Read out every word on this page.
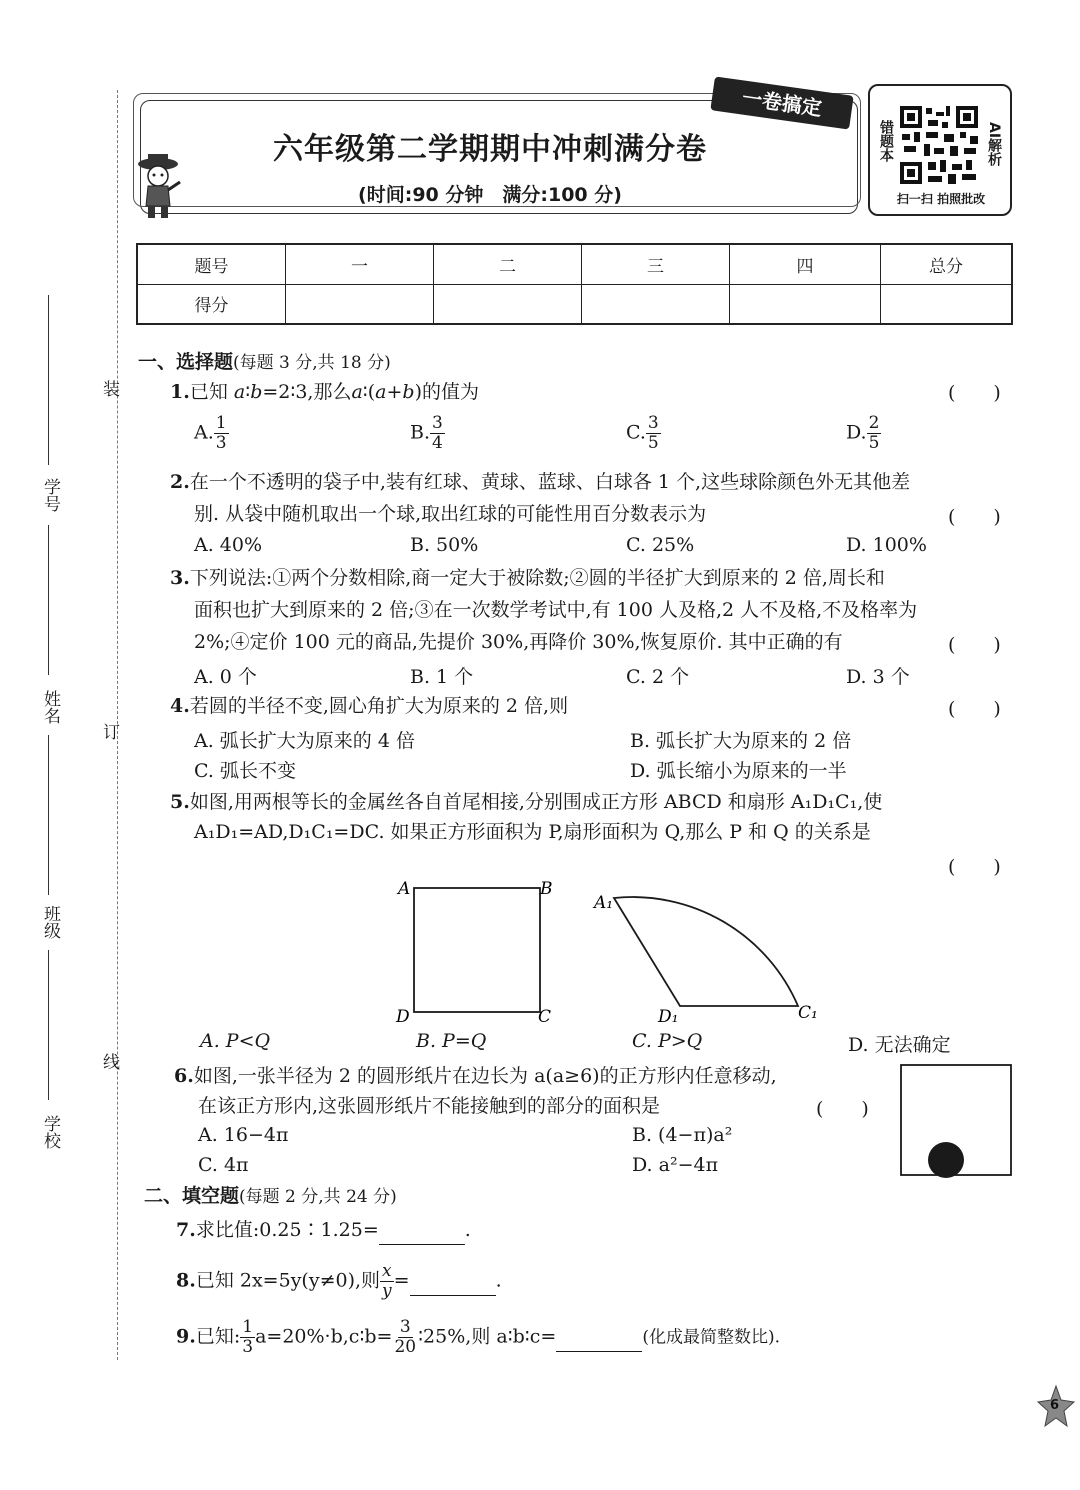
学号
姓名
班级
学校
装
订
线
六年级第二学期期中冲刺满分卷
(时间:90 分钟　满分:100 分)
一卷搞定
错题本	AI解析
扫一扫 拍照批改
题号	一	二	三	四	总分
得分					
一、选择题(每题 3 分,共 18 分)
1.已知 a∶b=2∶3,那么a∶(a+b)的值为	(　　)
A. $\frac{1}{3}$	B. $\frac{3}{4}$	C. $\frac{3}{5}$	D. $\frac{2}{5}$
2.在一个不透明的袋子中,装有红球、黄球、蓝球、白球各 1 个,这些球除颜色外无其他差
别. 从袋中随机取出一个球,取出红球的可能性用百分数表示为	(　　)
A. 40%	B. 50%	C. 25%	D. 100%
3.下列说法:①两个分数相除,商一定大于被除数;②圆的半径扩大到原来的 2 倍,周长和
面积也扩大到原来的 2 倍;③在一次数学考试中,有 100 人及格,2 人不及格,不及格率为
2%;④定价 100 元的商品,先提价 30%,再降价 30%,恢复原价. 其中正确的有	(　　)
A. 0 个	B. 1 个	C. 2 个	D. 3 个
4.若圆的半径不变,圆心角扩大为原来的 2 倍,则	(　　)
A. 弧长扩大为原来的 4 倍	B. 弧长扩大为原来的 2 倍
C. 弧长不变	D. 弧长缩小为原来的一半
5.如图,用两根等长的金属丝各自首尾相接,分别围成正方形 ABCD 和扇形 A₁D₁C₁,使
A₁D₁=AD,D₁C₁=DC. 如果正方形面积为 P,扇形面积为 Q,那么 P 和 Q 的关系是
(　　)
A	B
D	C
A₁
D₁	C₁
A. P<Q	B. P=Q	C. P>Q	D. 无法确定
6.如图,一张半径为 2 的圆形纸片在边长为 a(a≥6)的正方形内任意移动,
在该正方形内,这张圆形纸片不能接触到的部分的面积是	(　　)
A. 16−4π	B. (4−π)a²
C. 4π	D. a²−4π
二、填空题(每题 2 分,共 24 分)
7.求比值:0.25∶1.25=	.
8.已知 2x=5y(y≠0),则 $\frac{x}{y}$ =	.
9.已知: $\frac{1}{3}$ a=20%·b,c∶b= $\frac{3}{20}$ ∶25%,则 a∶b∶c=	(化成最简整数比).
6
